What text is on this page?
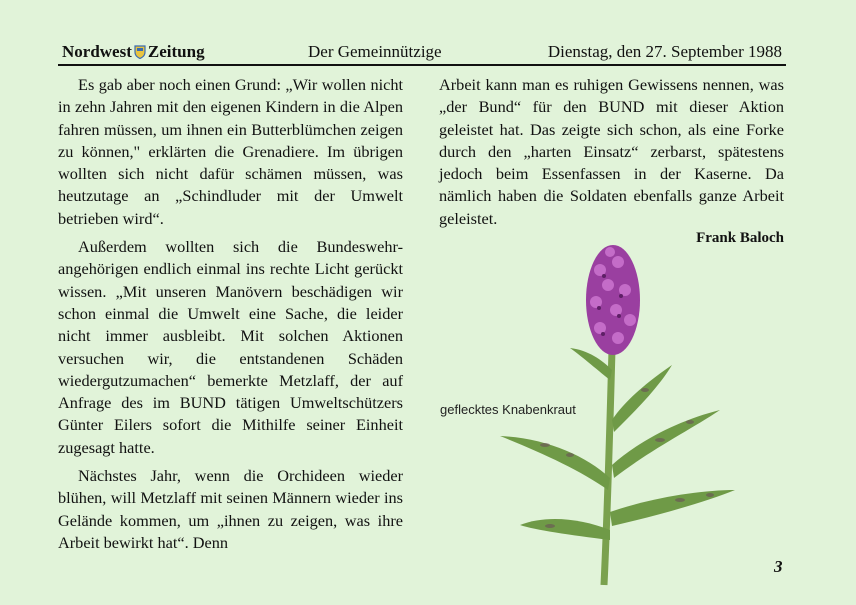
Nordwest Zeitung	Der Gemeinnützige	Dienstag, den 27. September 1988

Es gab aber noch einen Grund: „Wir wollen nicht in zehn Jahren mit den eigenen Kindern in die Alpen fahren müssen, um ihnen ein Butterblümchen zeigen zu können," erklärten die Grenadiere. Im übrigen wollten sich nicht dafür schämen müssen, was heutzutage an „Schindluder mit der Umwelt betrieben wird“.

Außerdem wollten sich die Bundeswehr-angehörigen endlich einmal ins rechte Licht gerückt wissen. „Mit unseren Manövern beschädigen wir schon einmal die Umwelt eine Sache, die leider nicht immer ausbleibt. Mit solchen Aktionen versuchen wir, die entstandenen Schäden wiedergutzumachen“ bemerkte Metzlaff, der auf Anfrage des im BUND tätigen Umweltschützers Günter Eilers sofort die Mithilfe seiner Einheit zugesagt hatte.

Nächstes Jahr, wenn die Orchideen wieder blühen, will Metzlaff mit seinen Männern wieder ins Gelände kommen, um „ihnen zu zeigen, was ihre Arbeit bewirkt hat“. Denn

Arbeit kann man es ruhigen Gewissens nennen, was „der Bund“ für den BUND mit dieser Aktion geleistet hat. Das zeigte sich schon, als eine Forke durch den „harten Einsatz“ zerbarst, spätestens jedoch beim Essenfassen in der Kaserne. Da nämlich haben die Soldaten ebenfalls ganze Arbeit geleistet.

Frank Baloch
geflecktes Knabenkraut
3
